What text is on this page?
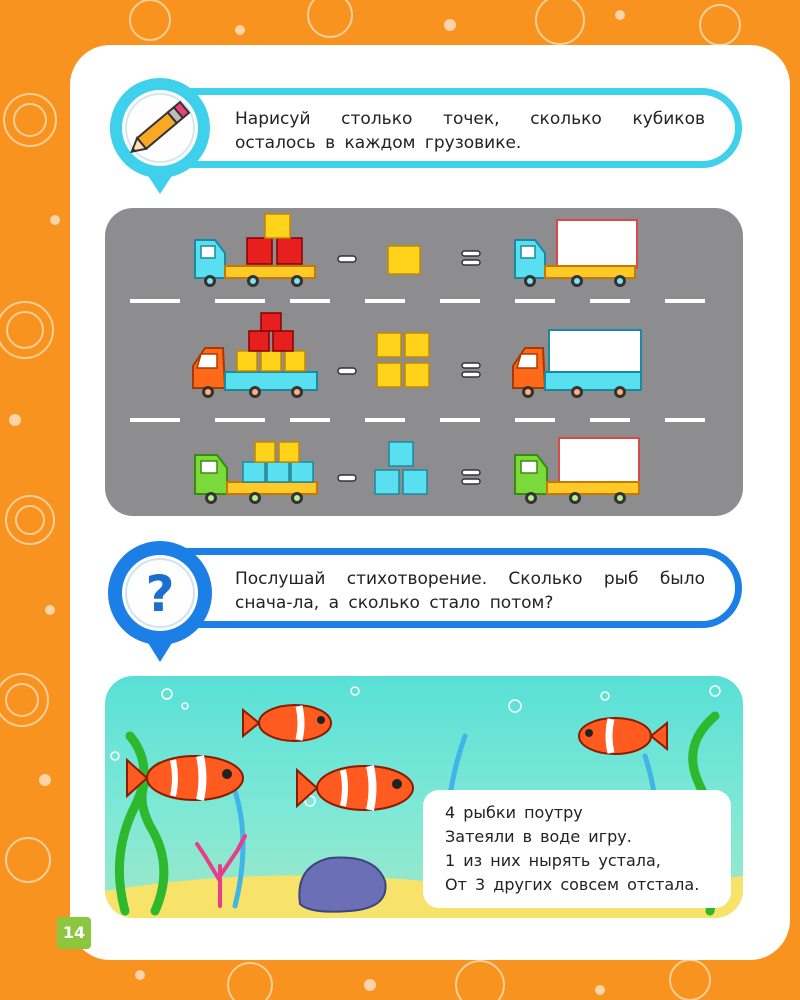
Нарисуй столько точек, сколько кубиков осталось в каждом грузовике.
Послушай стихотворение. Сколько рыб было снача-ла, а сколько стало потом?
?
4 рыбки поутру
Затеяли в воде игру.
1 из них нырять устала,
От 3 других совсем отстала.
14
